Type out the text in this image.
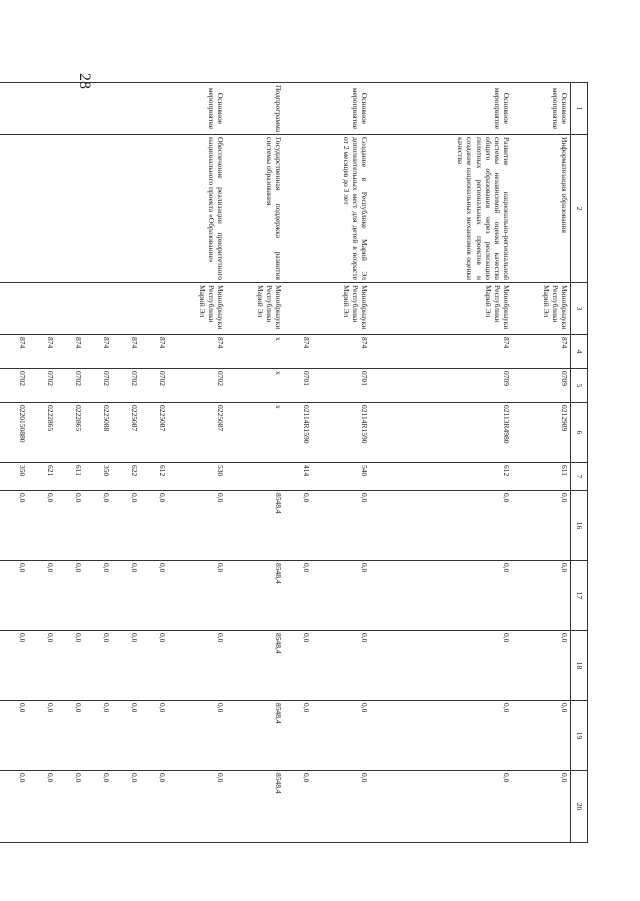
28
1	2	3	4	5	6	7	16	17	18	19	20
Основное мероприятие	Информатизация образования	Минобрнауки Республики Марий Эл	874	0709	0212989	611	0,0	0,0	0,0	0,0	0,0
Основное мероприятие	Развитие национально-региональной системы независимой оценки качества общего образования через реализацию пилотных региональных проектов и создание национальных механизмов оценки качества	Минобрнауки Республики Марий Эл	874	0709	02113R4980	612	0,0	0,0	0,0	0,0	0,0
Основное мероприятие	Создание в Республике Марий Эл дополнительных мест для детей в возрасте от 2 месяцев до 3 лет	Минобрнауки Республики Марий Эл	874	0701	02114R1590	540	0,0	0,0	0,0	0,0	0,0
			874	0701	02114R1590	414	0,0	0,0	0,0	0,0	0,0
Подпрограмма	Государственная поддержка развития системы образования	Минобрнауки Республики Марий Эл	x	x	x		8548,4	8548,4	8548,4	8548,4	8548,4
Основное мероприятие	Обеспечение реализации приоритетного национального проекта «Образование»	Минобрнауки Республики Марий Эл	874	0702	0225087	530	0,0	0,0	0,0	0,0	0,0
			874	0702	0225087	612	0,0	0,0	0,0	0,0	0,0
			874	0702	0225087	622	0,0	0,0	0,0	0,0	0,0
			874	0702	0225088	350	0,0	0,0	0,0	0,0	0,0
			874	0702	0222865	611	0,0	0,0	0,0	0,0	0,0
			874	0702	0222865	621	0,0	0,0	0,0	0,0	0,0
			874	0702	0220150880	350	0,0	0,0	0,0	0,0	0,0
